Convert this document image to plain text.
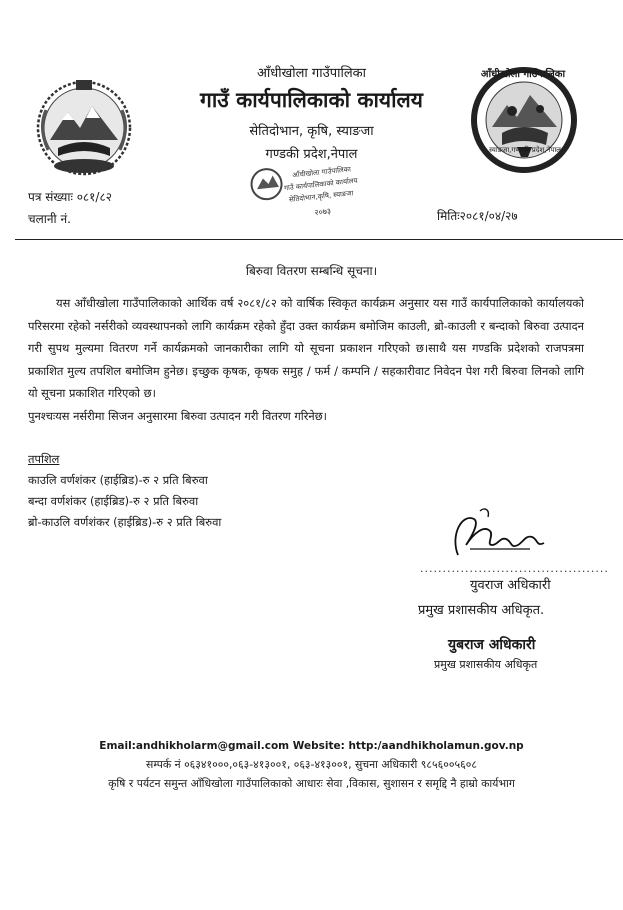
आँधीखोला गाउँपालिका
स्याङजा,गण्डकी प्रदेश,नेपाल
आँधीखोला गाउँपालिका
गाउँ कार्यपालिकाको कार्यालय
सेतिदोभान, कृषि, स्याङजा
गण्डकी प्रदेश,नेपाल
आँधीखोला गाउँपालिका
गाउँ कार्यपालिकाको कार्यालय
सेतिदोभान,कृषि, स्याङजा
२०७३
पत्र संख्याः ०८१/८२
चलानी नं.	मितिः२०८१/०४/२७
बिरुवा वितरण सम्बन्धि सूचना।

यस आँधीखोला गाउँपालिकाको आर्थिक वर्ष २०८१/८२ को वार्षिक स्विकृत कार्यक्रम अनुसार यस गाउँ कार्यपालिकाको कार्यालयको परिसरमा रहेको नर्सरीको व्यवस्थापनको लागि कार्यक्रम रहेको हुँदा उक्त कार्यक्रम बमोजिम काउली, ब्रो-काउली र बन्दाको बिरुवा उत्पादन गरी सुपथ मुल्यमा वितरण गर्ने कार्यक्रमको जानकारीका लागि यो सूचना प्रकाशन गरिएको छ।साथै यस गण्डकि प्रदेशको राजपत्रमा प्रकाशित मुल्य तपशिल बमोजिम हुनेछ। इच्छुक कृषक, कृषक समुह / फर्म / कम्पनि / सहकारीवाट निवेदन पेश गरी बिरुवा लिनको लागि यो सूचना प्रकाशित गरिएको छ।

पुनश्चःयस नर्सरीमा सिजन अनुसारमा बिरुवा उत्पादन गरी वितरण गरिनेछ।

तपशिल
काउलि वर्णशंकर (हाईब्रिड)-रु २ प्रति बिरुवा
बन्दा वर्णशंकर (हाईब्रिड)-रु २ प्रति बिरुवा
ब्रो-काउलि वर्णशंकर (हाईब्रिड)-रु २ प्रति बिरुवा
..........................................
युवराज अधिकारी
प्रमुख प्रशासकीय अधिकृत.
युबराज अधिकारी
प्रमुख प्रशासकीय अधिकृत
Email:andhikholarm@gmail.com Website: http:/aandhikholamun.gov.np
सम्पर्क नं ०६३४१०००,०६३-४१३००१, ०६३-४१३००१, सुचना अधिकारी ९८५६००५६०८
कृषि र पर्यटन समुन्त आँधिखोला गाउँपालिकाको आधारः सेवा ,विकास, सुशासन र समृद्दि नै हाम्रो कार्यभाग
